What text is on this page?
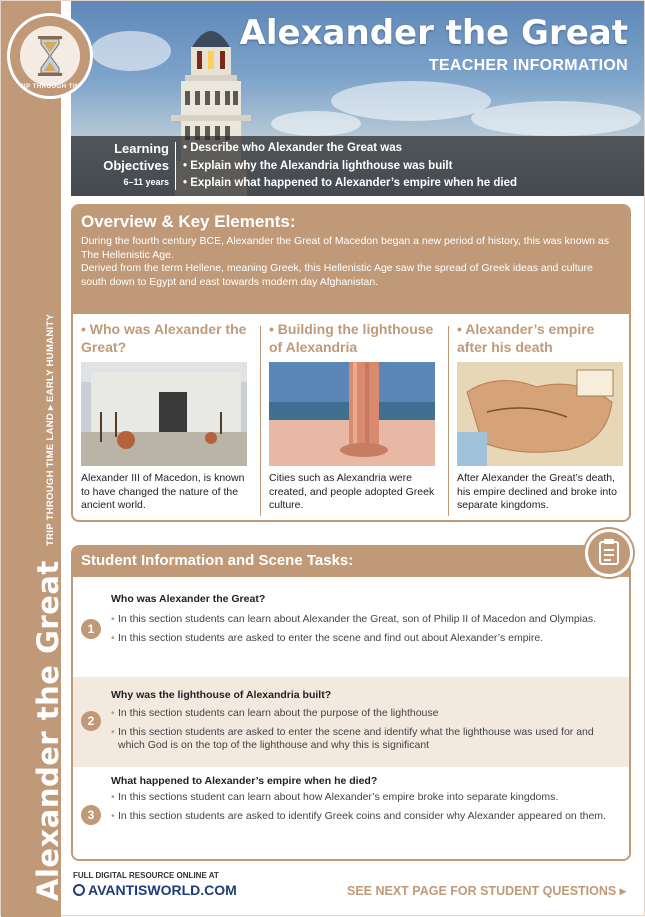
Alexander the Great
TRIP THROUGH TIME LAND ▸ EARLY HUMANITY
TRIP THROUGH TIME
Alexander the Great
TEACHER INFORMATION
Learning
Objectives
6–11 years
• Describe who Alexander the Great was
• Explain why the Alexandria lighthouse was built
• Explain what happened to Alexander’s empire when he died
Overview & Key Elements:

During the fourth century BCE, Alexander the Great of Macedon began a new period of history, this was known as The Hellenistic Age.

Derived from the term Hellene, meaning Greek, this Hellenistic Age saw the spread of Greek ideas and culture south down to Egypt and east towards modern day Afghanistan.

• Who was Alexander the Great?
Alexander III of Macedon, is known to have changed the nature of the ancient world.
• Building the lighthouse of Alexandria
Cities such as Alexandria were created, and people adopted Greek culture.
• Alexander’s empire after his death
After Alexander the Great’s death, his empire declined and broke into separate kingdoms.
Student Information and Scene Tasks:
1
Who was Alexander the Great?
• In this section students can learn about Alexander the Great, son of Philip II of Macedon and Olympias.
• In this section students are asked to enter the scene and find out about Alexander’s empire.
2
Why was the lighthouse of Alexandria built?
• In this section students can learn about the purpose of the lighthouse
• In this section students are asked to enter the scene and identify what the lighthouse was used for and which God is on the top of the lighthouse and why this is significant
3
What happened to Alexander’s empire when he died?
• In this sections student can learn about how Alexander’s empire broke into separate kingdoms.
• In this section students are asked to identify Greek coins and consider why Alexander appeared on them.
FULL DIGITAL RESOURCE ONLINE AT
AVANTISWORLD.COM	SEE NEXT PAGE FOR STUDENT QUESTIONS ▸
